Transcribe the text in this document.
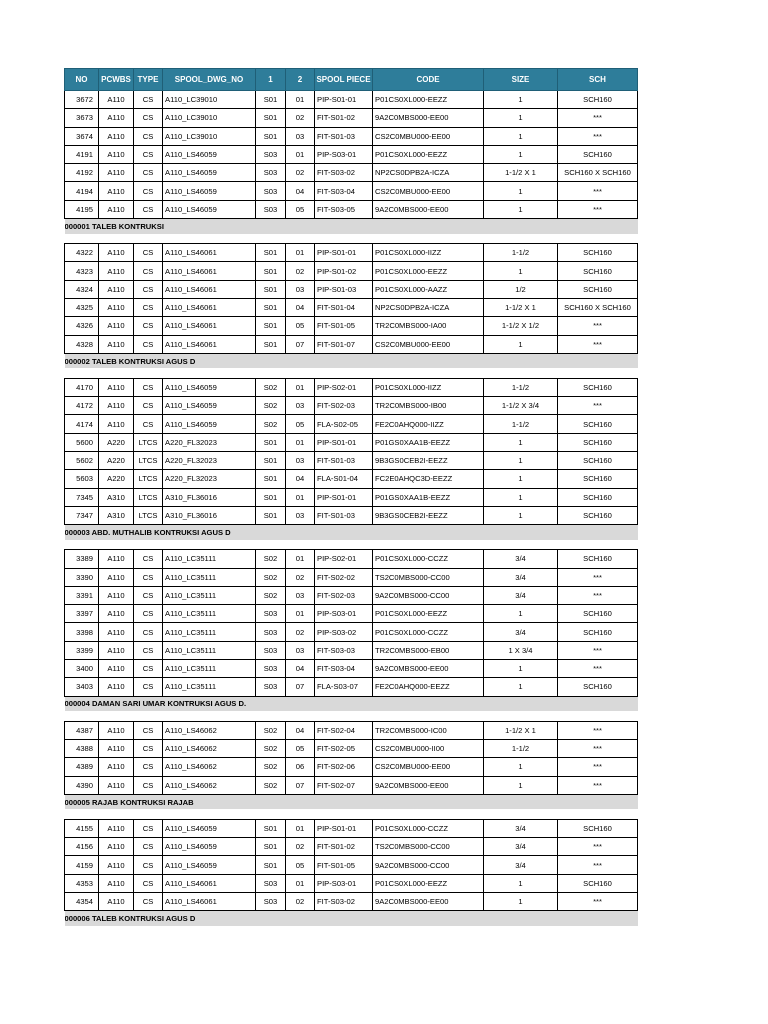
NO	PCWBS	TYPE	SPOOL_DWG_NO	1	2	SPOOL PIECE	CODE	SIZE	SCH
3672	A110	CS	A110_LC39010	S01	01	PIP-S01-01	P01CS0XL000-EEZZ	1	SCH160
3673	A110	CS	A110_LC39010	S01	02	FIT-S01-02	9A2C0MBS000-EE00	1	***
3674	A110	CS	A110_LC39010	S01	03	FIT-S01-03	CS2C0MBU000-EE00	1	***
4191	A110	CS	A110_LS46059	S03	01	PIP-S03-01	P01CS0XL000-EEZZ	1	SCH160
4192	A110	CS	A110_LS46059	S03	02	FIT-S03-02	NP2CS0DPB2A-ICZA	1-1/2 X 1	SCH160 X SCH160
4194	A110	CS	A110_LS46059	S03	04	FIT-S03-04	CS2C0MBU000-EE00	1	***
4195	A110	CS	A110_LS46059	S03	05	FIT-S03-05	9A2C0MBS000-EE00	1	***
000001 TALEB KONTRUKSI									

4322	A110	CS	A110_LS46061	S01	01	PIP-S01-01	P01CS0XL000-IIZZ	1-1/2	SCH160
4323	A110	CS	A110_LS46061	S01	02	PIP-S01-02	P01CS0XL000-EEZZ	1	SCH160
4324	A110	CS	A110_LS46061	S01	03	PIP-S01-03	P01CS0XL000-AAZZ	1/2	SCH160
4325	A110	CS	A110_LS46061	S01	04	FIT-S01-04	NP2CS0DPB2A-ICZA	1-1/2 X 1	SCH160 X SCH160
4326	A110	CS	A110_LS46061	S01	05	FIT-S01-05	TR2C0MBS000-IA00	1-1/2 X 1/2	***
4328	A110	CS	A110_LS46061	S01	07	FIT-S01-07	CS2C0MBU000-EE00	1	***
000002 TALEB KONTRUKSI AGUS D									

4170	A110	CS	A110_LS46059	S02	01	PIP-S02-01	P01CS0XL000-IIZZ	1-1/2	SCH160
4172	A110	CS	A110_LS46059	S02	03	FIT-S02-03	TR2C0MBS000-IB00	1-1/2 X 3/4	***
4174	A110	CS	A110_LS46059	S02	05	FLA-S02-05	FE2C0AHQ000-IIZZ	1-1/2	SCH160
5600	A220	LTCS	A220_FL32023	S01	01	PIP-S01-01	P01GS0XAA1B-EEZZ	1	SCH160
5602	A220	LTCS	A220_FL32023	S01	03	FIT-S01-03	9B3GS0CEB2I-EEZZ	1	SCH160
5603	A220	LTCS	A220_FL32023	S01	04	FLA-S01-04	FC2E0AHQC3D-EEZZ	1	SCH160
7345	A310	LTCS	A310_FL36016	S01	01	PIP-S01-01	P01GS0XAA1B-EEZZ	1	SCH160
7347	A310	LTCS	A310_FL36016	S01	03	FIT-S01-03	9B3GS0CEB2I-EEZZ	1	SCH160
000003 ABD. MUTHALIB KONTRUKSI AGUS D									

3389	A110	CS	A110_LC35111	S02	01	PIP-S02-01	P01CS0XL000-CCZZ	3/4	SCH160
3390	A110	CS	A110_LC35111	S02	02	FIT-S02-02	TS2C0MBS000-CC00	3/4	***
3391	A110	CS	A110_LC35111	S02	03	FIT-S02-03	9A2C0MBS000-CC00	3/4	***
3397	A110	CS	A110_LC35111	S03	01	PIP-S03-01	P01CS0XL000-EEZZ	1	SCH160
3398	A110	CS	A110_LC35111	S03	02	PIP-S03-02	P01CS0XL000-CCZZ	3/4	SCH160
3399	A110	CS	A110_LC35111	S03	03	FIT-S03-03	TR2C0MBS000-EB00	1 X 3/4	***
3400	A110	CS	A110_LC35111	S03	04	FIT-S03-04	9A2C0MBS000-EE00	1	***
3403	A110	CS	A110_LC35111	S03	07	FLA-S03-07	FE2C0AHQ000-EEZZ	1	SCH160
000004 DAMAN SARI UMAR KONTRUKSI AGUS D.									

4387	A110	CS	A110_LS46062	S02	04	FIT-S02-04	TR2C0MBS000-IC00	1-1/2 X 1	***
4388	A110	CS	A110_LS46062	S02	05	FIT-S02-05	CS2C0MBU000-II00	1-1/2	***
4389	A110	CS	A110_LS46062	S02	06	FIT-S02-06	CS2C0MBU000-EE00	1	***
4390	A110	CS	A110_LS46062	S02	07	FIT-S02-07	9A2C0MBS000-EE00	1	***
000005 RAJAB KONTRUKSI RAJAB									

4155	A110	CS	A110_LS46059	S01	01	PIP-S01-01	P01CS0XL000-CCZZ	3/4	SCH160
4156	A110	CS	A110_LS46059	S01	02	FIT-S01-02	TS2C0MBS000-CC00	3/4	***
4159	A110	CS	A110_LS46059	S01	05	FIT-S01-05	9A2C0MBS000-CC00	3/4	***
4353	A110	CS	A110_LS46061	S03	01	PIP-S03-01	P01CS0XL000-EEZZ	1	SCH160
4354	A110	CS	A110_LS46061	S03	02	FIT-S03-02	9A2C0MBS000-EE00	1	***
000006 TALEB KONTRUKSI AGUS D									
